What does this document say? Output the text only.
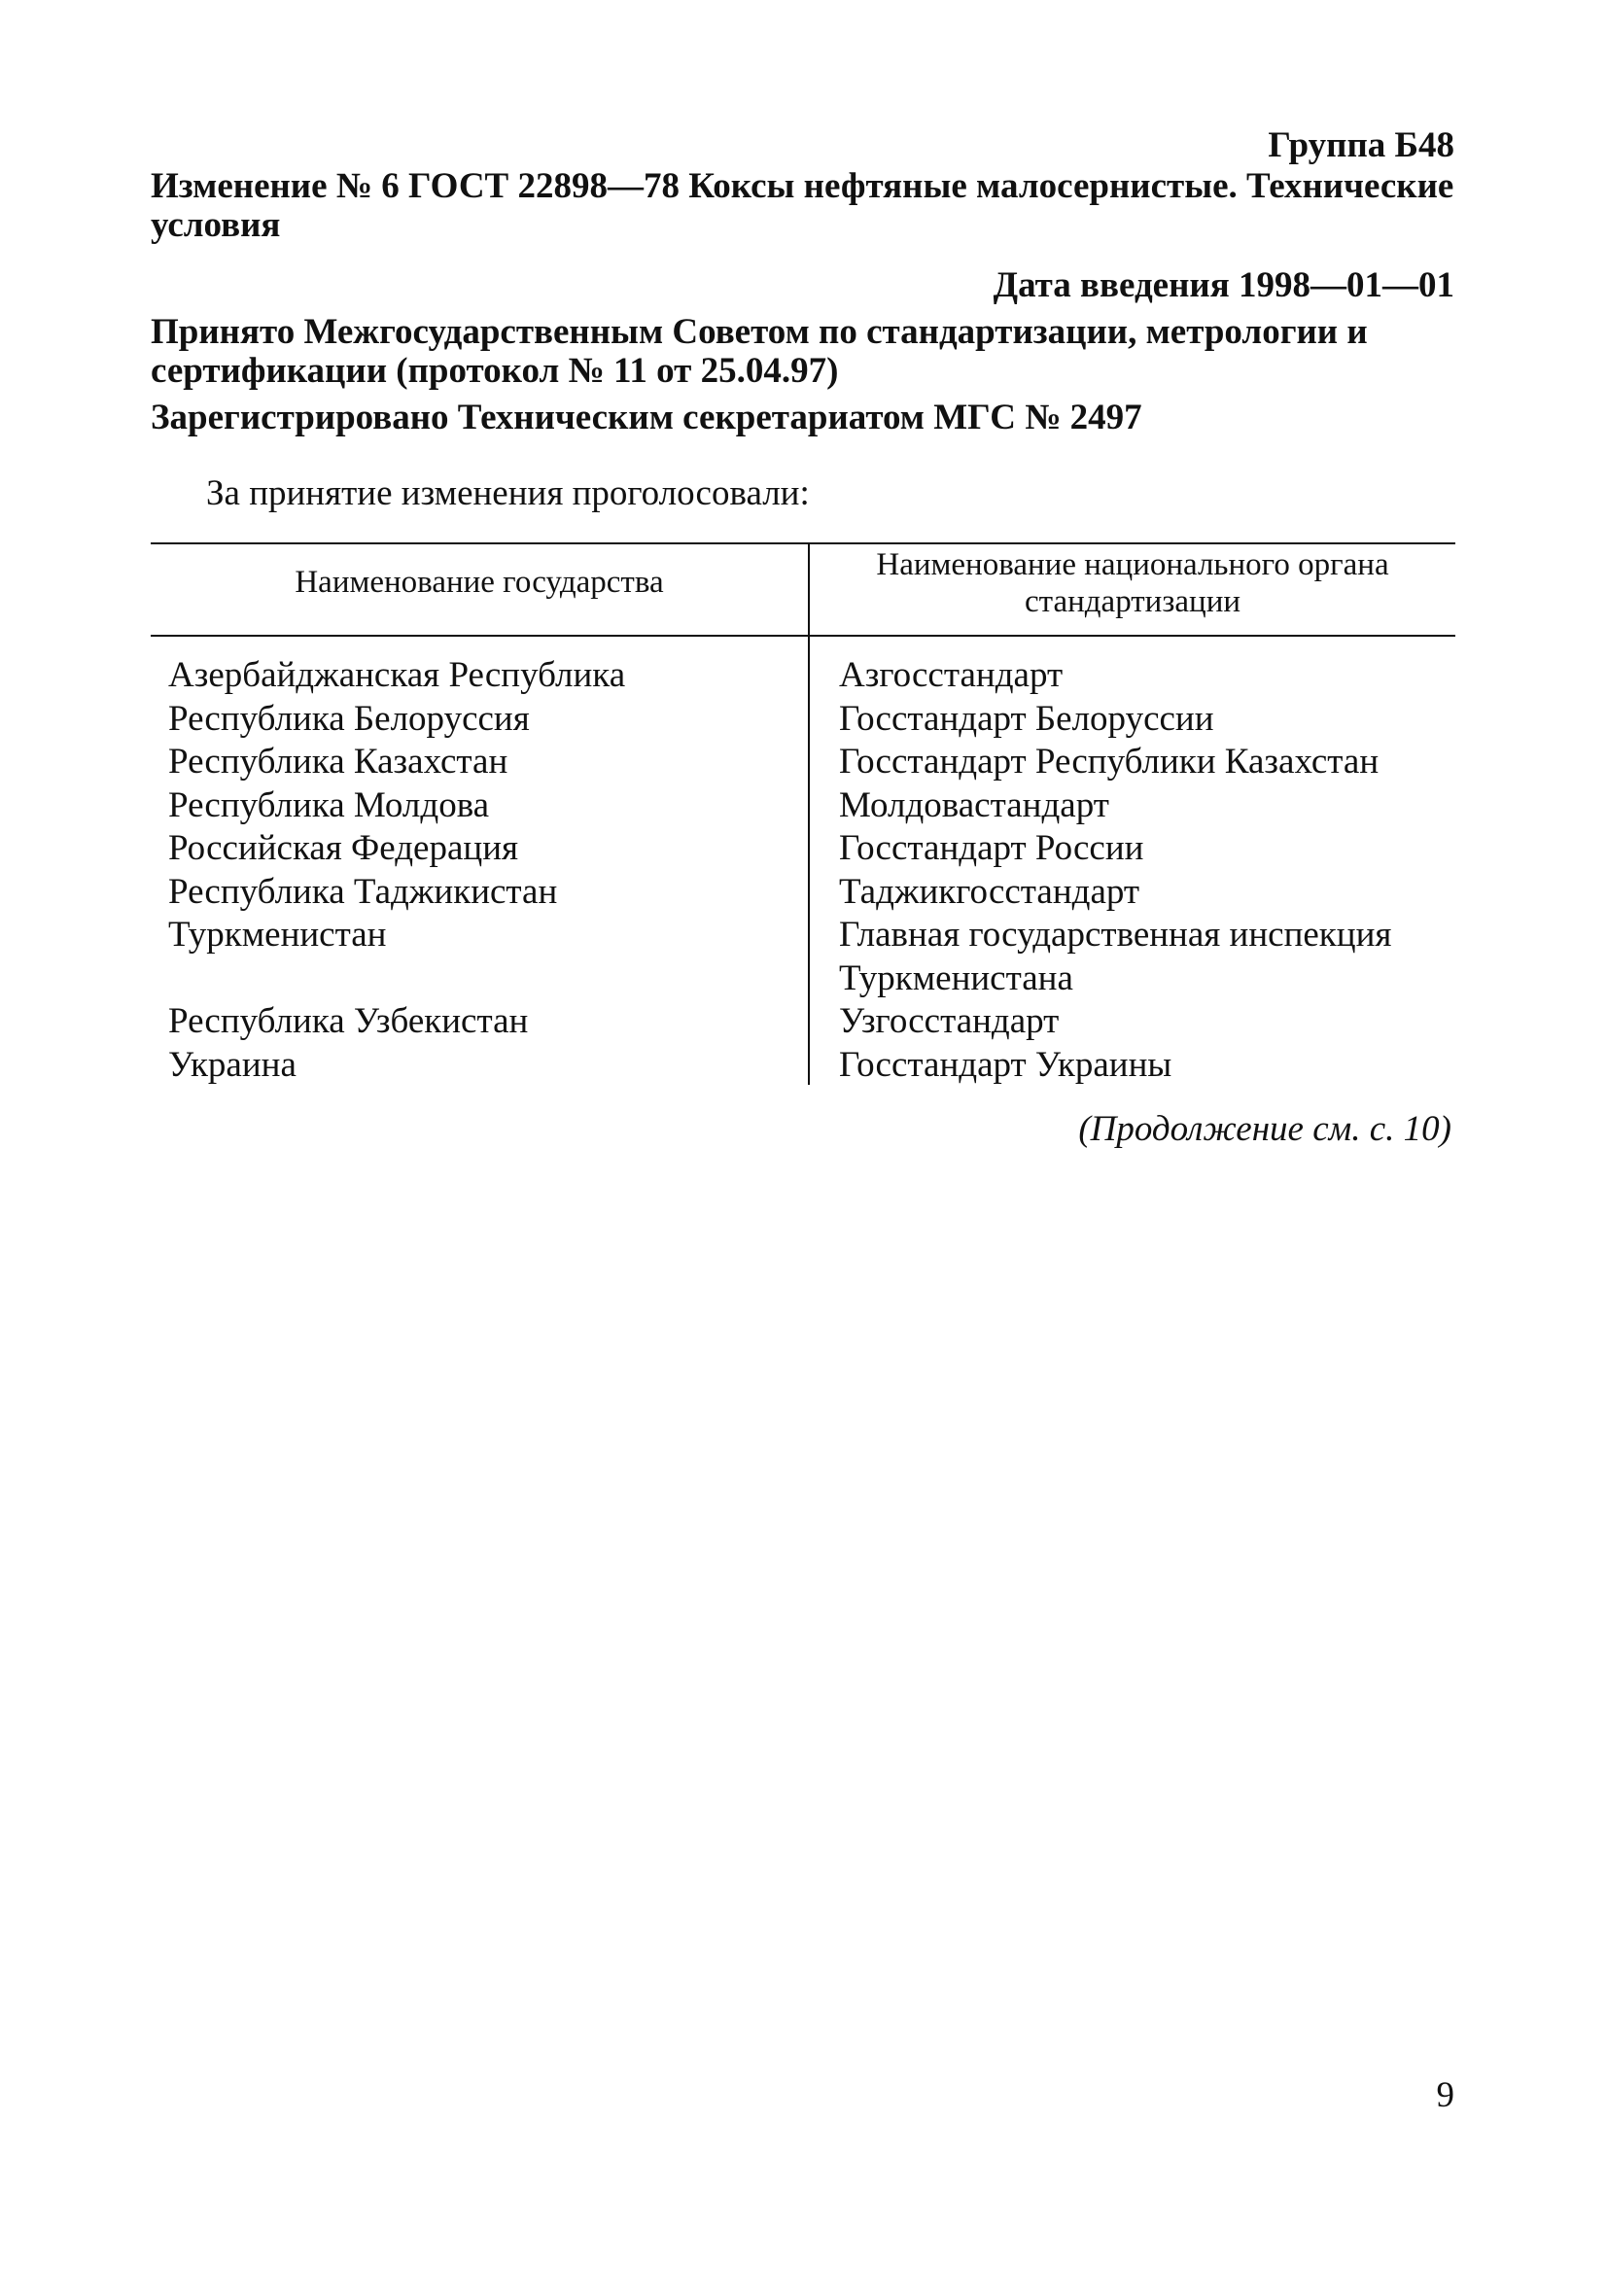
Группа Б48
Изменение № 6 ГОСТ 22898—78 Коксы нефтяные малосернистые. Технические условия
Дата введения 1998—01—01
Принято Межгосударственным Советом по стандартизации, метрологии и сертификации (протокол № 11 от 25.04.97)
Зарегистрировано Техническим секретариатом МГС № 2497
За принятие изменения проголосовали:
Наименование государства	Наименование национального органа стандартизации
Азербайджанская Республика
Республика Белоруссия
Республика Казахстан
Республика Молдова
Российская Федерация
Республика Таджикистан
Туркменистан
Республика Узбекистан
Украина
Азгосстандарт
Госстандарт Белоруссии
Госстандарт Республики Казахстан
Молдовастандарт
Госстандарт России
Таджикгосстандарт
Главная государственная инспекция Туркменистана
Узгосстандарт
Госстандарт Украины
(Продолжение см. с. 10)
9
